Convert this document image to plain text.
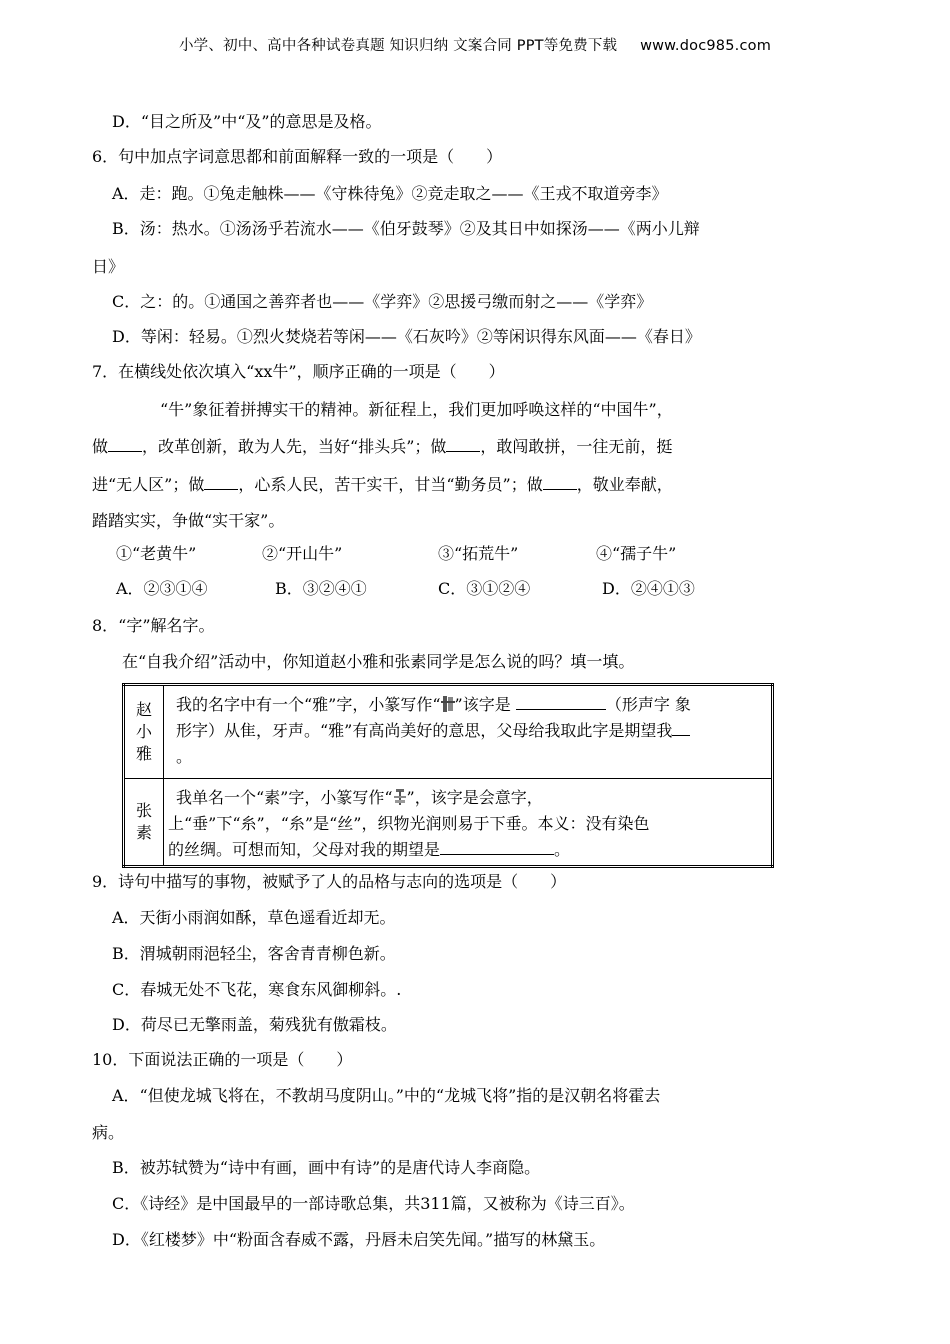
小学、初中、高中各种试卷真题 知识归纳 文案合同 PPT等免费下载 www.doc985.com
D．“目之所及”中“及”的意思是及格。
6．句中加点字词意思都和前面解释一致的一项是（　　）
A．走：跑。①兔走触株——《守株待兔》②竞走取之——《王戎不取道旁李》
B．汤：热水。①汤汤乎若流水——《伯牙鼓琴》②及其日中如探汤——《两小儿辩
日》
C．之：的。①通国之善弈者也——《学弈》②思援弓缴而射之——《学弈》
D．等闲：轻易。①烈火焚烧若等闲——《石灰吟》②等闲识得东风面——《春日》
7．在横线处依次填入“xx牛”，顺序正确的一项是（　　）
“牛”象征着拼搏实干的精神。新征程上，我们更加呼唤这样的“中国牛”，
做 ，改革创新，敢为人先，当好“排头兵”；做 ，敢闯敢拼，一往无前，挺
进“无人区”；做 ，心系人民，苦干实干，甘当“勤务员”；做 ，敬业奉献，
踏踏实实，争做“实干家”。
①“老黄牛”	②“开山牛”	③“拓荒牛”	④“孺子牛”
A．②③①④	B．③②④①	C．③①②④	D．②④①③
8．“字”解名字。
在“自我介绍”活动中，你知道赵小雅和张素同学是怎么说的吗？填一填。
赵小雅	我的名字中有一个“雅”字，小篆写作“ ”该字是 （形声字 象
形字）从隹，牙声。“雅”有高尚美好的意思，父母给我取此字是期望我
。

张素	我单名一个“素”字，小篆写作“ ”，该字是会意字，
上“垂”下“糸”，“糸”是“丝”，织物光润则易于下垂。本义：没有染色
的丝绸。可想而知，父母对我的期望是 。
9．诗句中描写的事物，被赋予了人的品格与志向的选项是（　　）
A．天街小雨润如酥，草色遥看近却无。
B．渭城朝雨浥轻尘，客舍青青柳色新。
C．春城无处不飞花，寒食东风御柳斜。.
D．荷尽已无擎雨盖，菊残犹有傲霜枝。
10．下面说法正确的一项是（　　）
A．“但使龙城飞将在，不教胡马度阴山。”中的“龙城飞将”指的是汉朝名将霍去
病。
B．被苏轼赞为“诗中有画，画中有诗”的是唐代诗人李商隐。
C．《诗经》是中国最早的一部诗歌总集，共311篇，又被称为《诗三百》。
D．《红楼梦》中“粉面含春威不露，丹唇未启笑先闻。”描写的林黛玉。
